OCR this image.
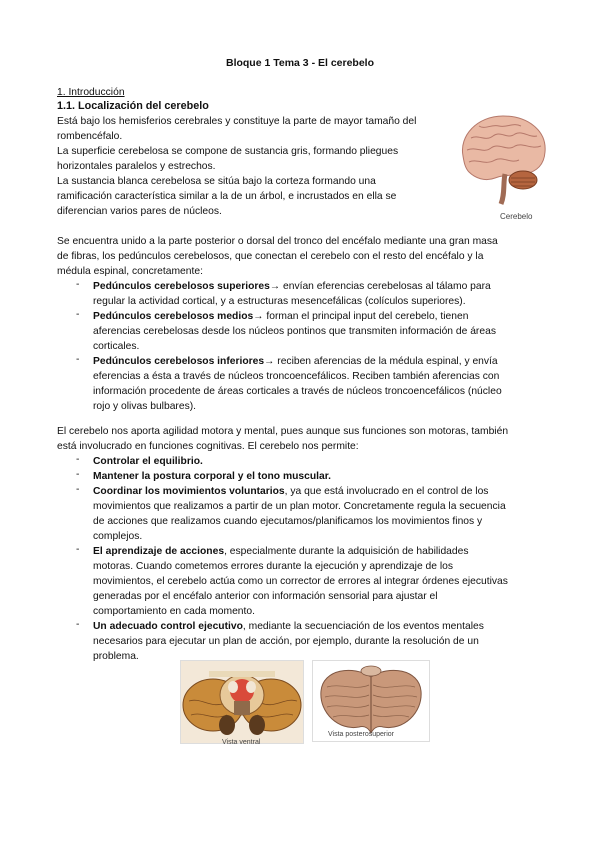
Bloque 1 Tema 3 - El cerebelo
1. Introducción
1.1. Localización del cerebelo
Está bajo los hemisferios cerebrales y constituye la parte de mayor tamaño del
rombencéfalo.
La superficie cerebelosa se compone de sustancia gris, formando pliegues
horizontales paralelos y estrechos.
La sustancia blanca cerebelosa se sitúa bajo la corteza formando una
ramificación característica similar a la de un árbol, e incrustados en ella se
diferencian varios pares de núcleos.	Cerebelo
Se encuentra unido a la parte posterior o dorsal del tronco del encéfalo mediante una gran masa
de fibras, los pedúnculos cerebelosos, que conectan el cerebelo con el resto del encéfalo y la
médula espinal, concretamente:
- Pedúnculos cerebelosos superiores→ envían eferencias cerebelosas al tálamo para
regular la actividad cortical, y a estructuras mesencefálicas (colículos superiores).
- Pedúnculos cerebelosos medios→ forman el principal input del cerebelo, tienen
aferencias cerebelosas desde los núcleos pontinos que transmiten información de áreas
corticales.
- Pedúnculos cerebelosos inferiores→ reciben aferencias de la médula espinal, y envía
eferencias a ésta a través de núcleos troncoencefálicos. Reciben también aferencias con
información procedente de áreas corticales a través de núcleos troncoencefálicos (núcleo
rojo y olivas bulbares).
El cerebelo nos aporta agilidad motora y mental, pues aunque sus funciones son motoras, también
está involucrado en funciones cognitivas. El cerebelo nos permite:
- Controlar el equilibrio.
- Mantener la postura corporal y el tono muscular.
- Coordinar los movimientos voluntarios, ya que está involucrado en el control de los
movimientos que realizamos a partir de un plan motor. Concretamente regula la secuencia
de acciones que realizamos cuando ejecutamos/planificamos los movimientos finos y
complejos.
- El aprendizaje de acciones, especialmente durante la adquisición de habilidades
motoras. Cuando cometemos errores durante la ejecución y aprendizaje de los
movimientos, el cerebelo actúa como un corrector de errores al integrar órdenes ejecutivas
generadas por el encéfalo anterior con información sensorial para ajustar el
comportamiento en cada momento.
- Un adecuado control ejecutivo, mediante la secuenciación de los eventos mentales
necesarios para ejecutar un plan de acción, por ejemplo, durante la resolución de un
problema.
Vista ventral
Vista posterosuperior
